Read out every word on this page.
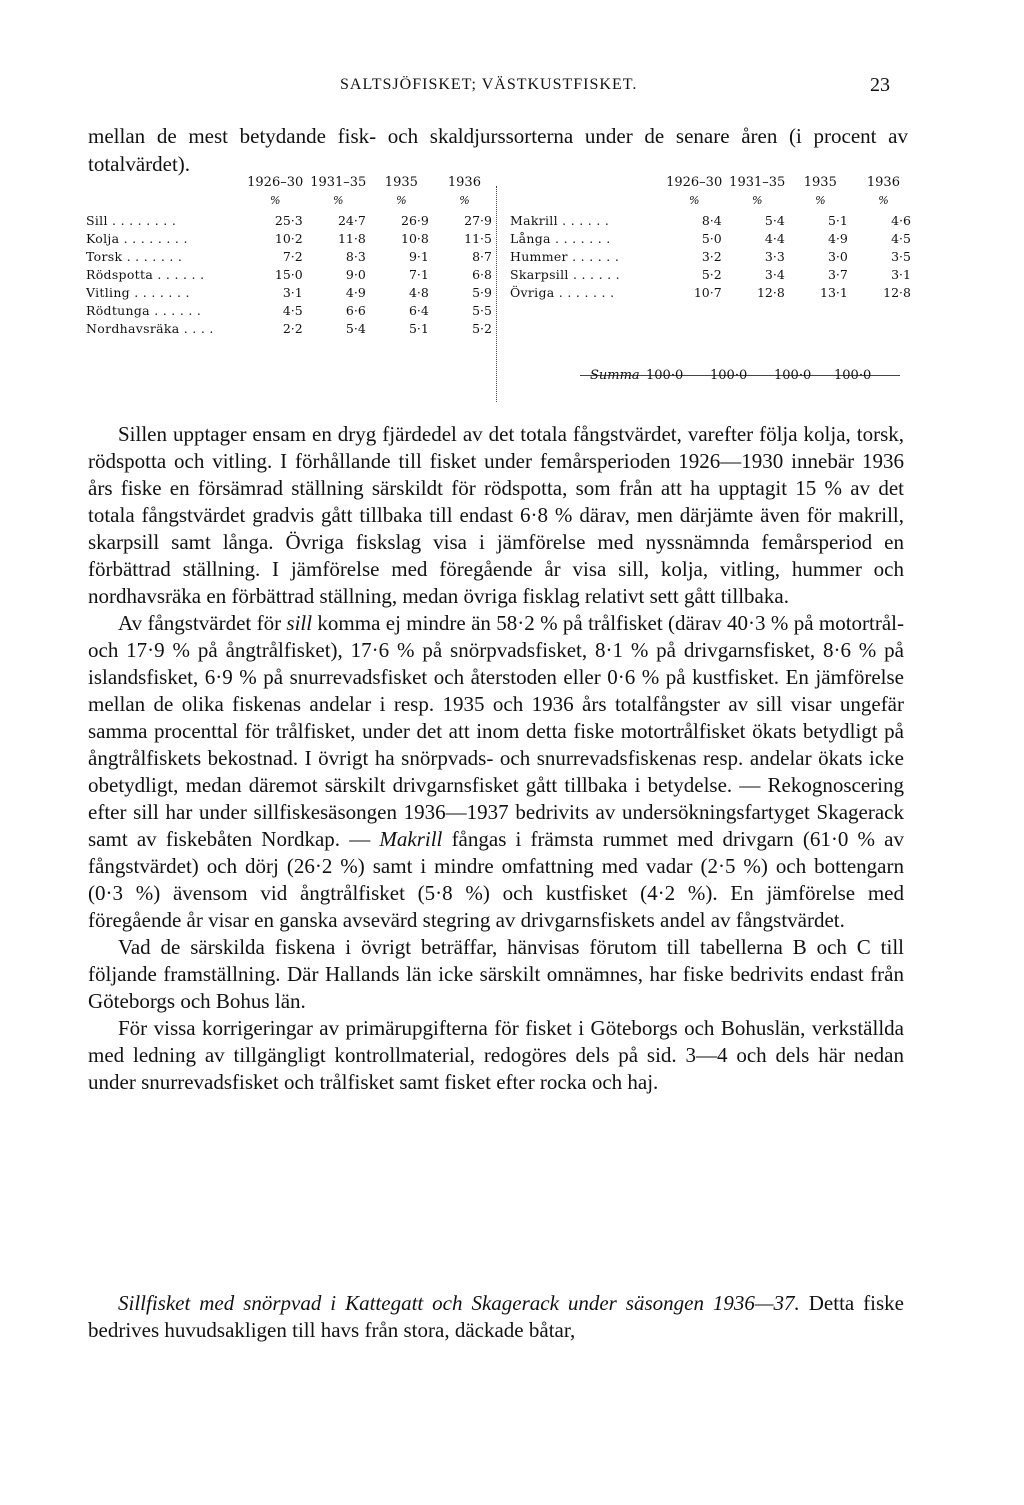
SALTSJÖFISKET; VÄSTKUSTFISKET.	23
mellan de mest betydande fisk- och skaldjurssorterna under de senare åren (i procent av totalvärdet).
	1926–30	1931–35	1935	1936
	%	%	%	%
Sill . . . . . . . .	25·3	24·7	26·9	27·9
Kolja . . . . . . . .	10·2	11·8	10·8	11·5
Torsk . . . . . . .	7·2	8·3	9·1	8·7
Rödspotta . . . . . .	15·0	9·0	7·1	6·8
Vitling . . . . . . .	3·1	4·9	4·8	5·9
Rödtunga . . . . . .	4·5	6·6	6·4	5·5
Nordhavsräka . . . .	2·2	5·4	5·1	5·2
	1926–30	1931–35	1935	1936
	%	%	%	%
Makrill . . . . . .	8·4	5·4	5·1	4·6
Långa . . . . . . .	5·0	4·4	4·9	4·5
Hummer . . . . . .	3·2	3·3	3·0	3·5
Skarpsill . . . . . .	5·2	3·4	3·7	3·1
Övriga . . . . . . .	10·7	12·8	13·1	12·8
Summa 100·0 100·0 100·0 100·0

Sillen upptager ensam en dryg fjärdedel av det totala fångstvärdet, varefter följa kolja, torsk, rödspotta och vitling. I förhållande till fisket under femårsperioden 1926—1930 innebär 1936 års fiske en försämrad ställning särskildt för rödspotta, som från att ha upptagit 15 % av det totala fångstvärdet gradvis gått tillbaka till endast 6·8 % därav, men därjämte även för makrill, skarpsill samt långa. Övriga fiskslag visa i jämförelse med nyssnämnda femårsperiod en förbättrad ställning. I jämförelse med föregående år visa sill, kolja, vitling, hummer och nordhavsräka en förbättrad ställning, medan övriga fisklag relativt sett gått tillbaka.

Av fångstvärdet för sill komma ej mindre än 58·2 % på trålfisket (därav 40·3 % på motortrål- och 17·9 % på ångtrålfisket), 17·6 % på snörpvadsfisket, 8·1 % på drivgarnsfisket, 8·6 % på islandsfisket, 6·9 % på snurrevadsfisket och återstoden eller 0·6 % på kustfisket. En jämförelse mellan de olika fiskenas andelar i resp. 1935 och 1936 års totalfångster av sill visar ungefär samma procenttal för trålfisket, under det att inom detta fiske motortrålfisket ökats betydligt på ångtrålfiskets bekostnad. I övrigt ha snörpvads- och snurrevadsfiskenas resp. andelar ökats icke obetydligt, medan däremot särskilt drivgarnsfisket gått tillbaka i betydelse. — Rekognoscering efter sill har under sillfiskesäsongen 1936—1937 bedrivits av undersökningsfartyget Skagerack samt av fiskebåten Nordkap. — Makrill fångas i främsta rummet med drivgarn (61·0 % av fångstvärdet) och dörj (26·2 %) samt i mindre omfattning med vadar (2·5 %) och bottengarn (0·3 %) ävensom vid ångtrålfisket (5·8 %) och kustfisket (4·2 %). En jämförelse med föregående år visar en ganska avsevärd stegring av drivgarnsfiskets andel av fångstvärdet.

Vad de särskilda fiskena i övrigt beträffar, hänvisas förutom till tabellerna B och C till följande framställning. Där Hallands län icke särskilt omnämnes, har fiske bedrivits endast från Göteborgs och Bohus län.

För vissa korrigeringar av primärupgifterna för fisket i Göteborgs och Bohuslän, verkställda med ledning av tillgängligt kontrollmaterial, redogöres dels på sid. 3—4 och dels här nedan under snurrevadsfisket och trålfisket samt fisket efter rocka och haj.

Sillfisket med snörpvad i Kattegatt och Skagerack under säsongen 1936—37. Detta fiske bedrives huvudsakligen till havs från stora, däckade båtar,
